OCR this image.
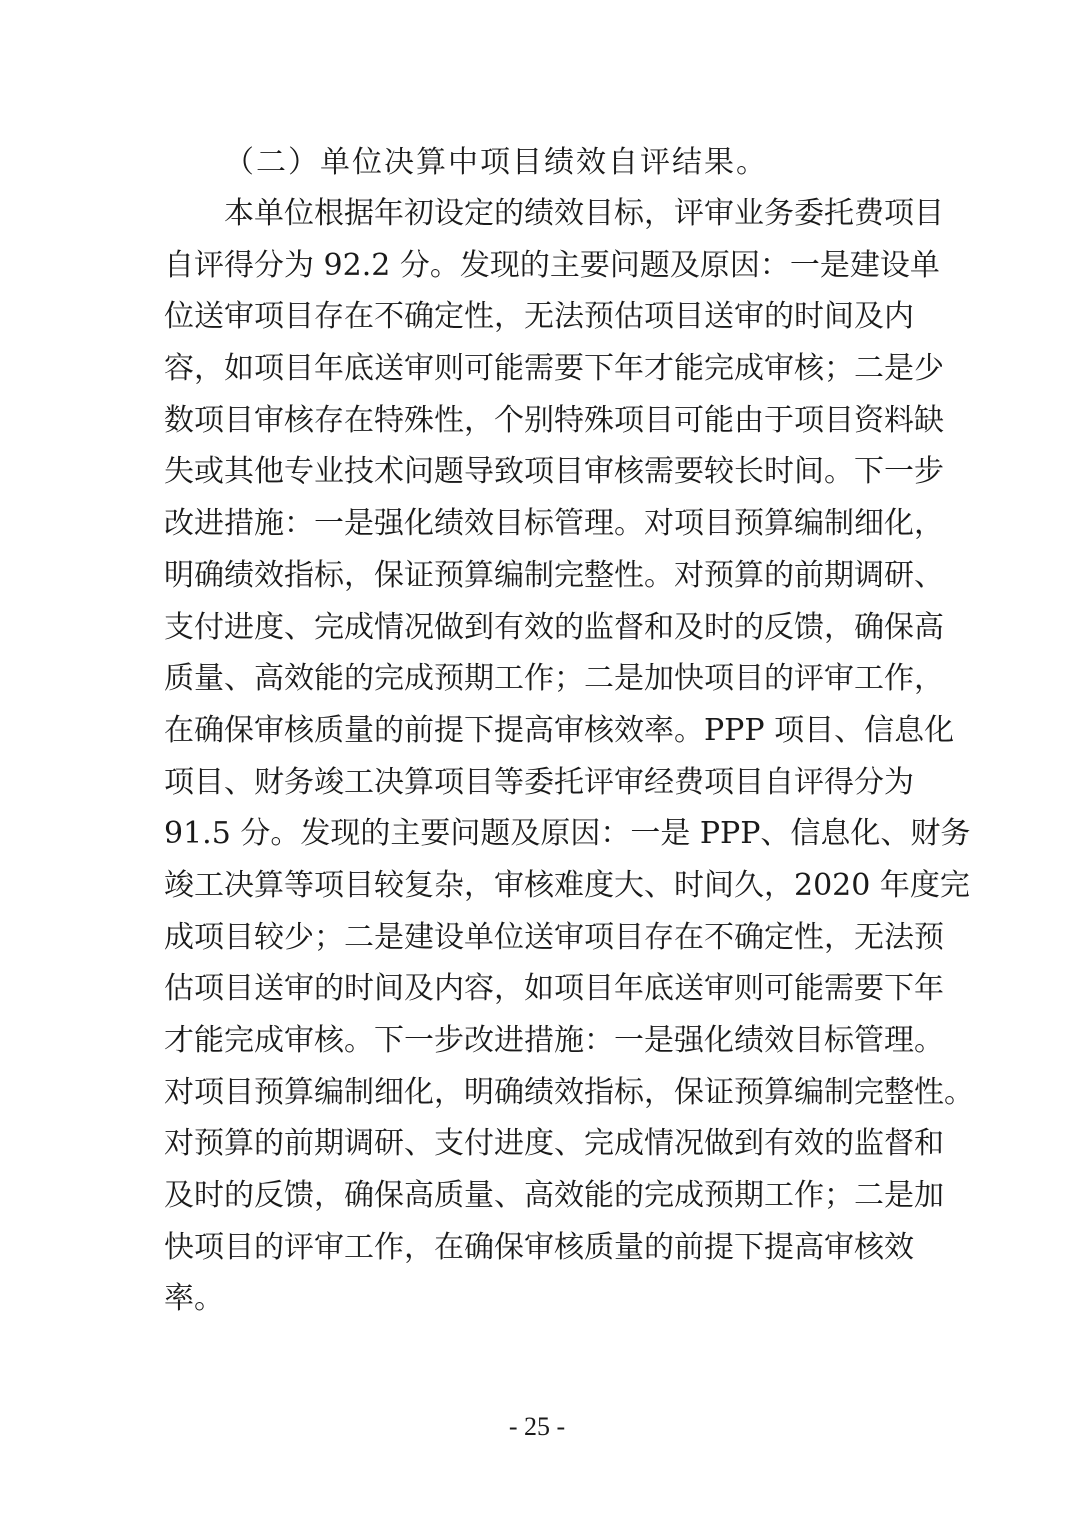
（二）单位决算中项目绩效自评结果。

本单位根据年初设定的绩效目标，评审业务委托费项目

自评得分为 92.2 分。发现的主要问题及原因：一是建设单

位送审项目存在不确定性，无法预估项目送审的时间及内

容，如项目年底送审则可能需要下年才能完成审核；二是少

数项目审核存在特殊性，个别特殊项目可能由于项目资料缺

失或其他专业技术问题导致项目审核需要较长时间。下一步

改进措施：一是强化绩效目标管理。对项目预算编制细化，

明确绩效指标，保证预算编制完整性。对预算的前期调研、

支付进度、完成情况做到有效的监督和及时的反馈，确保高

质量、高效能的完成预期工作；二是加快项目的评审工作，

在确保审核质量的前提下提高审核效率。PPP 项目、信息化

项目、财务竣工决算项目等委托评审经费项目自评得分为

91.5 分。发现的主要问题及原因：一是 PPP、信息化、财务

竣工决算等项目较复杂，审核难度大、时间久，2020 年度完

成项目较少；二是建设单位送审项目存在不确定性，无法预

估项目送审的时间及内容，如项目年底送审则可能需要下年

才能完成审核。下一步改进措施：一是强化绩效目标管理。

对项目预算编制细化，明确绩效指标，保证预算编制完整性。

对预算的前期调研、支付进度、完成情况做到有效的监督和

及时的反馈，确保高质量、高效能的完成预期工作；二是加

快项目的评审工作，在确保审核质量的前提下提高审核效

率。

- 25 -
